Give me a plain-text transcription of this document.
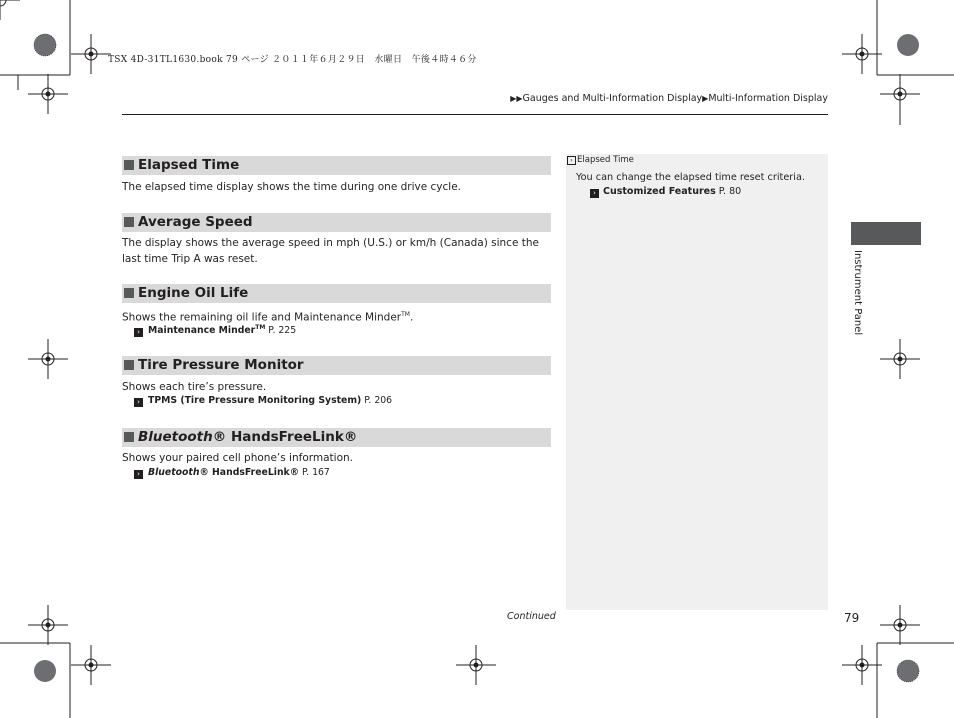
TSX 4D-31TL1630.book 79 ページ ２０１１年６月２９日　水曜日　午後４時４６分
▶▶Gauges and Multi-Information Display▶Multi-Information Display
Elapsed Time
The elapsed time display shows the time during one drive cycle.
Average Speed
The display shows the average speed in mph (U.S.) or km/h (Canada) since the last time Trip A was reset.
Engine Oil Life
Shows the remaining oil life and Maintenance Minder™.
› Maintenance Minder™ P. 225
Tire Pressure Monitor
Shows each tire’s pressure.
› TPMS (Tire Pressure Monitoring System) P. 206
Bluetooth® HandsFreeLink®
Shows your paired cell phone’s information.
› Bluetooth® HandsFreeLink® P. 167
› Elapsed Time
You can change the elapsed time reset criteria.
› Customized Features P. 80
Instrument Panel
Continued	79
